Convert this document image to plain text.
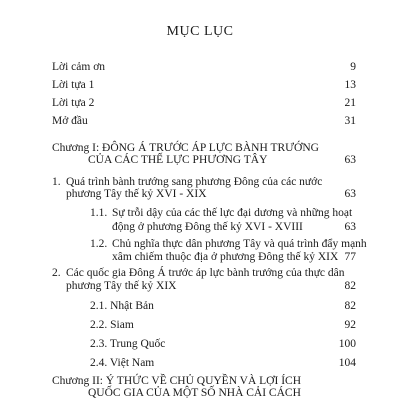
MỤC LỤC
Lời cảm ơn	9
Lời tựa 1	13
Lời tựa 2	21
Mở đầu	31
Chương I: ĐÔNG Á TRƯỚC ÁP LỰC BÀNH TRƯỚNG
CỦA CÁC THẾ LỰC PHƯƠNG TÂY	63
1. Quá trình bành trướng sang phương Đông của các nước
phương Tây thế kỷ XVI - XIX	63
1.1. Sự trỗi dậy của các thế lực đại dương và những hoạt
động ở phương Đông thế kỷ XVI - XVIII	63
1.2. Chủ nghĩa thực dân phương Tây và quá trình đẩy mạnh
xâm chiếm thuộc địa ở phương Đông thế kỷ XIX 77
2. Các quốc gia Đông Á trước áp lực bành trướng của thực dân
phương Tây thế kỷ XIX	82
2.1. Nhật Bản	82
2.2. Siam	92
2.3. Trung Quốc	100
2.4. Việt Nam	104
Chương II: Ý THỨC VỀ CHỦ QUYỀN VÀ LỢI ÍCH
QUỐC GIA CỦA MỘT SỐ NHÀ CẢI CÁCH
